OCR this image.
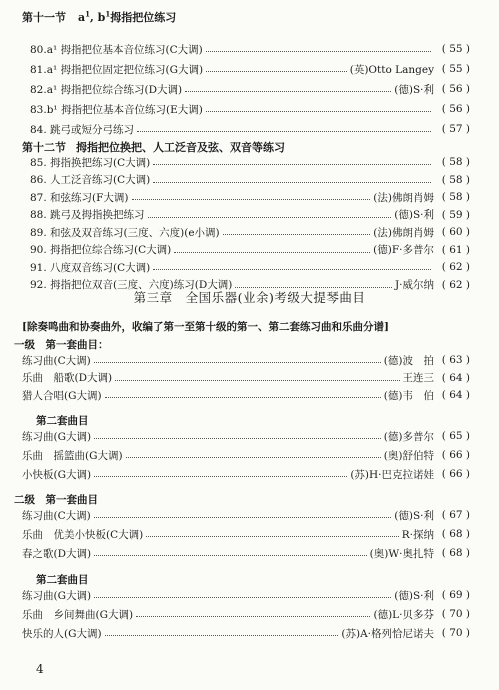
第十一节 $a^1$, $b^1$拇指把位练习
80.a¹ 拇指把位基本音位练习(C大调)	( 55 )
81.a¹ 拇指把位固定把位练习(G大调)	(英)Otto Langey ( 55 )
82.a¹ 拇指把位综合练习(D大调)	(德)S·利 ( 56 )
83.b¹ 拇指把位基本音位练习(E大调)	( 56 )
84. 跳弓或短分弓练习	( 57 )
第十二节 拇指把位换把、人工泛音及弦、双音等练习
85. 拇指换把练习(C大调)	( 58 )
86. 人工泛音练习(C大调)	( 58 )
87. 和弦练习(F大调)	(法)佛朗肖姆 ( 58 )
88. 跳弓及拇指换把练习	(德)S·利 ( 59 )
89. 和弦及双音练习(三度、六度)(e小调)	(法)佛朗肖姆 ( 60 )
90. 拇指把位综合练习(C大调)	(德)F·多普尔 ( 61 )
91. 八度双音练习(C大调)	( 62 )
92. 拇指把位双音(三度、六度)练习(D大调)	J·威尔纳 ( 62 )
第三章　全国乐器(业余)考级大提琴曲目
[除奏鸣曲和协奏曲外，收编了第一至第十级的第一、第二套练习曲和乐曲分谱]
一级　第一套曲目：
练习曲(C大调)	(德)波　拍 ( 63 )
乐曲　船歌(D大调)	王连三 ( 64 )
猎人合唱(G大调)	(德)韦　伯 ( 64 )
第二套曲目
练习曲(G大调)	(德)多普尔 ( 65 )
乐曲　摇篮曲(G大调)	(奥)舒伯特 ( 66 )
小快板(G大调)	(苏)H·巴克拉诺娃 ( 66 )
二级　第一套曲目
练习曲(C大调)	(德)S·利 ( 67 )
乐曲　优美小快板(C大调)	R·探纳 ( 68 )
春之歌(D大调)	(奥)W·奥扎特 ( 68 )
第二套曲目
练习曲(G大调)	(德)S·利 ( 69 )
乐曲　乡间舞曲(G大调)	(德)L·贝多芬 ( 70 )
快乐的人(G大调)	(苏)A·格列恰尼诺夫 ( 70 )
4
